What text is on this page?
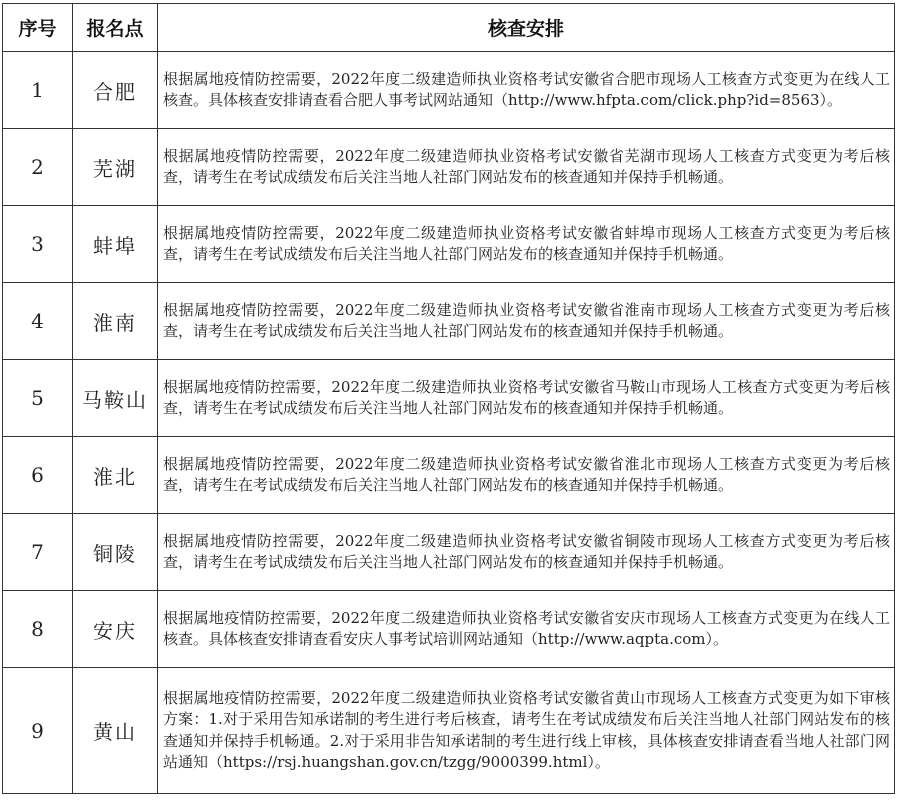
序号	报名点	核查安排
1	合肥	根据属地疫情防控需要，2022年度二级建造师执业资格考试安徽省合肥市现场人工核查方式变更为在线人工核查。具体核查安排请查看合肥人事考试网站通知（http://www.hfpta.com/click.php?id=8563）。
2	芜湖	根据属地疫情防控需要，2022年度二级建造师执业资格考试安徽省芜湖市现场人工核查方式变更为考后核查，请考生在考试成绩发布后关注当地人社部门网站发布的核查通知并保持手机畅通。
3	蚌埠	根据属地疫情防控需要，2022年度二级建造师执业资格考试安徽省蚌埠市现场人工核查方式变更为考后核查，请考生在考试成绩发布后关注当地人社部门网站发布的核查通知并保持手机畅通。
4	淮南	根据属地疫情防控需要，2022年度二级建造师执业资格考试安徽省淮南市现场人工核查方式变更为考后核查，请考生在考试成绩发布后关注当地人社部门网站发布的核查通知并保持手机畅通。
5	马鞍山	根据属地疫情防控需要，2022年度二级建造师执业资格考试安徽省马鞍山市现场人工核查方式变更为考后核查，请考生在考试成绩发布后关注当地人社部门网站发布的核查通知并保持手机畅通。
6	淮北	根据属地疫情防控需要，2022年度二级建造师执业资格考试安徽省淮北市现场人工核查方式变更为考后核查，请考生在考试成绩发布后关注当地人社部门网站发布的核查通知并保持手机畅通。
7	铜陵	根据属地疫情防控需要，2022年度二级建造师执业资格考试安徽省铜陵市现场人工核查方式变更为考后核查，请考生在考试成绩发布后关注当地人社部门网站发布的核查通知并保持手机畅通。
8	安庆	根据属地疫情防控需要，2022年度二级建造师执业资格考试安徽省安庆市现场人工核查方式变更为在线人工核查。具体核查安排请查看安庆人事考试培训网站通知（http://www.aqpta.com）。
9	黄山	根据属地疫情防控需要，2022年度二级建造师执业资格考试安徽省黄山市现场人工核查方式变更为如下审核方案：1.对于采用告知承诺制的考生进行考后核查，请考生在考试成绩发布后关注当地人社部门网站发布的核查通知并保持手机畅通。2.对于采用非告知承诺制的考生进行线上审核，具体核查安排请查看当地人社部门网站通知（https://rsj.huangshan.gov.cn/tzgg/9000399.html）。
